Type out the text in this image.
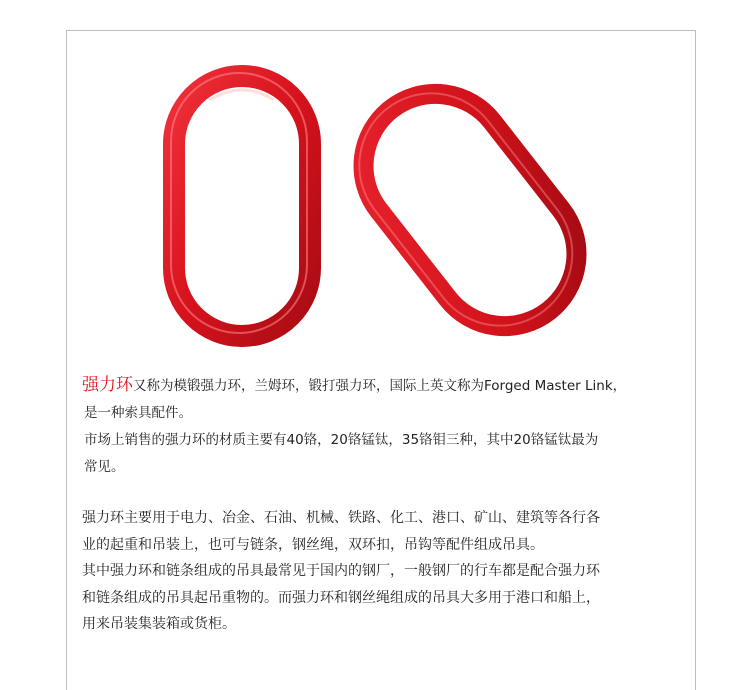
强力环又称为模锻强力环，兰姆环，锻打强力环，国际上英文称为Forged Master Link，
是一种索具配件。
市场上销售的强力环的材质主要有40铬，20铬锰钛，35铬钼三种，其中20铬锰钛最为
常见。
强力环主要用于电力、冶金、石油、机械、铁路、化工、港口、矿山、建筑等各行各
业的起重和吊装上，也可与链条，钢丝绳，双环扣，吊钩等配件组成吊具。
其中强力环和链条组成的吊具最常见于国内的钢厂，一般钢厂的行车都是配合强力环
和链条组成的吊具起吊重物的。而强力环和钢丝绳组成的吊具大多用于港口和船上，
用来吊装集装箱或货柜。
